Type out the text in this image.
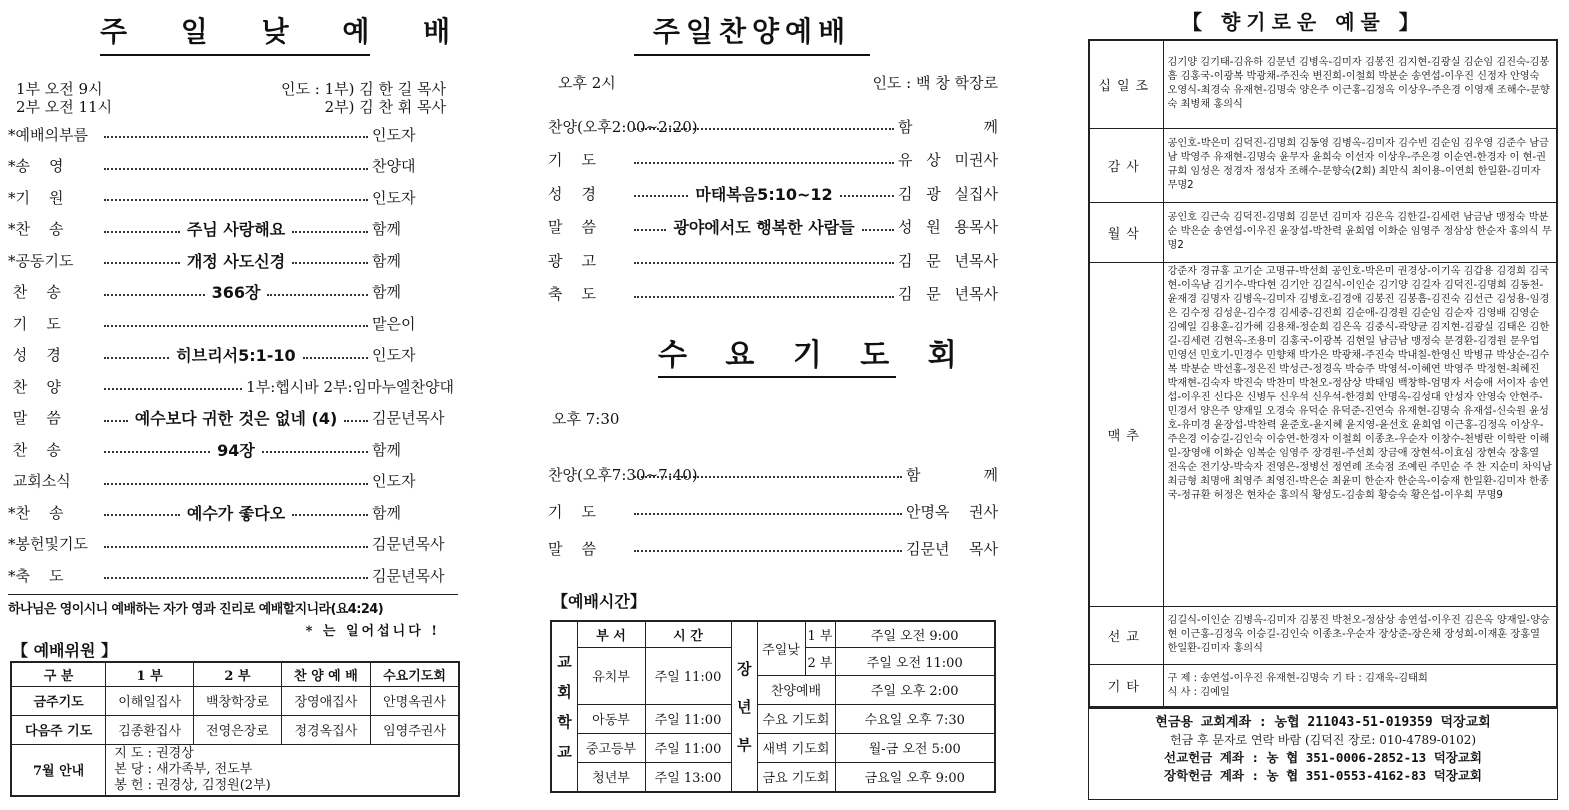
주 일 낮 예 배
1부 오전 9시
2부 오전 11시
인도 : 1부) 김 한 길 목사
2부) 김 찬 휘 목사
*예배의부름	인도자
*송    영	찬양대
*기    원	인도자
*찬    송	주님 사랑해요	함께
*공동기도	개정 사도신경	함께
찬    송	366장	함께
기    도	맡은이
성    경	히브리서5:1-10	인도자
찬    양	1부:헵시바 2부:임마누엘찬양대
말    씀	예수보다 귀한 것은 없네 (4) 김문년목사
찬    송	94장	함께
교회소식	인도자
*찬    송	예수가 좋다오	함께
*봉헌및기도	김문년목사
*축    도	김문년목사
하나님은 영이시니 예배하는 자가 영과 진리로 예배할지니라(요4:24)
* 는 일어섭니다 !
【 예배위원 】
구 분	1 부	2 부	찬 양 예 배	수요기도회
금주기도	이해일집사	백창학장로	장영애집사	안명옥권사
다음주 기도	김종환집사	전영은장로	정경옥집사	임영주권사
7월 안내	지 도 : 권경상
본 당 : 새가족부, 전도부
봉 헌 : 권경상, 김정원(2부)			
주일찬양예배
오후 2시	인도 : 백 창 학장로
찬양(오후2:00~2:20)	함 께
기    도	유 상 미권사
성    경	마태복음5:10~12	김 광 실집사
말    씀	광야에서도 행복한 사람들	성 원 용목사
광    고	김 문 년목사
축    도	김 문 년목사
수 요 기 도 회
오후 7:30
찬양(오후7:30~7:40)	함 께
기    도	안명옥 권사
말    씀	김문년 목사
【예배시간】
교회학교	부 서	시 간	장년부	주일낮	1 부	주일 오전 9:00
	유치부	주일 11:00			2 부	주일 오전 11:00
				찬양예배		주일 오후 2:00
	아동부	주일 11:00		수요 기도회		수요일 오후 7:30
	중고등부	주일 11:00		새벽 기도회		월-금 오전 5:00
	청년부	주일 13:00		금요 기도회		금요일 오후 9:00
【 향기로운 예물 】
십일조	김기양 김기태-김유하 김문년 김병옥-김미자 김봉진 김지현-김광실 김순임 김진숙-김봉흠 김홍국-이광복 박광채-주진숙 변진희-이철희 박분순 송연섭-이우진 신정자 안영숙 오영식-최경숙 유재현-김명숙 양은주 이근홍-김정옥 이상우-주은경 이영재 조해수-문향숙 최병채 홍의식
감사	공인호-박은미 김덕진-김명희 김동영 김병옥-김미자 김수빈 김순임 김우영 김준수 남금남 박영주 유재현-김명숙 윤무자 윤희숙 이선자 이상우-주은경 이순연-한경자 이 현-권규희 임성은 정경자 정성자 조해수-문향숙(2회) 최만식 최이용-이연희 한일환-김미자 무명2
월삭	공인호 김근숙 김덕진-김명희 김문년 김미자 김은옥 김한길-김세련 남금남 맹정숙 박분순 박은순 송연섭-이우진 윤장섭-박찬력 윤희엽 이화순 임영주 정삼상 한순자 홍의식 무명2
맥추	강준자 경규홍 고기순 고명규-박선희 공인호-박은미 권경상-이기옥 김갑용 김경희 김국현-이옥남 김기수-박다현 김기안 김길식-이인순 김기양 김길자 김덕진-김명희 김동천-윤재경 김명자 김병옥-김미자 김병호-김경애 김봉진 김봉흠-김진숙 김선근 김성용-임경은 김수정 김성운-김수경 김세중-김진희 김순애-김경원 김순임 김순자 김영배 김영순 김예일 김용훈-김가혜 김용채-정순희 김은옥 김중식-곽양균 김지현-김광실 김태은 김한길-김세련 김현옥-조용미 김홍국-이광복 김현일 남금남 맹정숙 문경환-김경원 문우업 민영선 민호기-민경수 민향채 박가은 박광채-주진숙 박내칠-한영신 박병규 박상순-김수복 박분순 박선홍-정은진 박성근-정경옥 박승주 박영석-이혜연 박영주 박정현-최혜진 박재현-김숙자 박진숙 박찬미 박천오-정삼상 박태임 백창학-엄명자 서승애 서이자 송연섭-이우진 신다은 신병두 신우석 신우석-한경희 안명옥-김성대 안성자 안영숙 안현주-민경서 양은주 양재일 오경숙 유덕순 유덕준-진연숙 유재현-김명숙 유재섭-신숙원 윤성호-유미경 윤장섭-박찬력 윤준호-윤지혜 윤지영-윤선호 윤희엽 이근홍-김정옥 이상우-주은경 이승길-김인숙 이승연-한경자 이철희 이종초-우순자 이창수-천병란 이학란 이해일-장영애 이화순 임복순 임영주 장경원-주선희 장금애 장현석-이효심 장현숙 장홍열 전옥순 전기상-박숙자 전영은-정병선 정연례 조숙점 조예린 주민순 주 찬 지순미 차익남 최금형 최명애 최영주 최영진-박은순 최윤미 한순자 한순옥-이승재 한일환-김미자 한종국-정규환 허정은 현차순 홍의식 황성도-김송희 황승숙 황은섭-이우희 무명9
선교	김길식-이인순 김병옥-김미자 김봉진 박천오-정삼상 송연섭-이우진 김은옥 양재일-양승현 이근홍-김정옥 이승길-김인숙 이종초-우순자 장상준-장은채 장성희-이재훈 장홍열 한일환-김미자 홍의식
기타	구 제 : 송연섭-이우진 유재현-김명숙 기 타 : 김재욱-김태희
식 사 : 김예일
현금용 교회계좌 : 농협 211043-51-019359 덕장교회
헌금 후 문자로 연락 바람 (김덕진 장로: 010-4789-0102)
선교헌금 계좌 : 농 협 351-0006-2852-13 덕장교회
장학헌금 계좌 : 농 협 351-0553-4162-83 덕장교회
